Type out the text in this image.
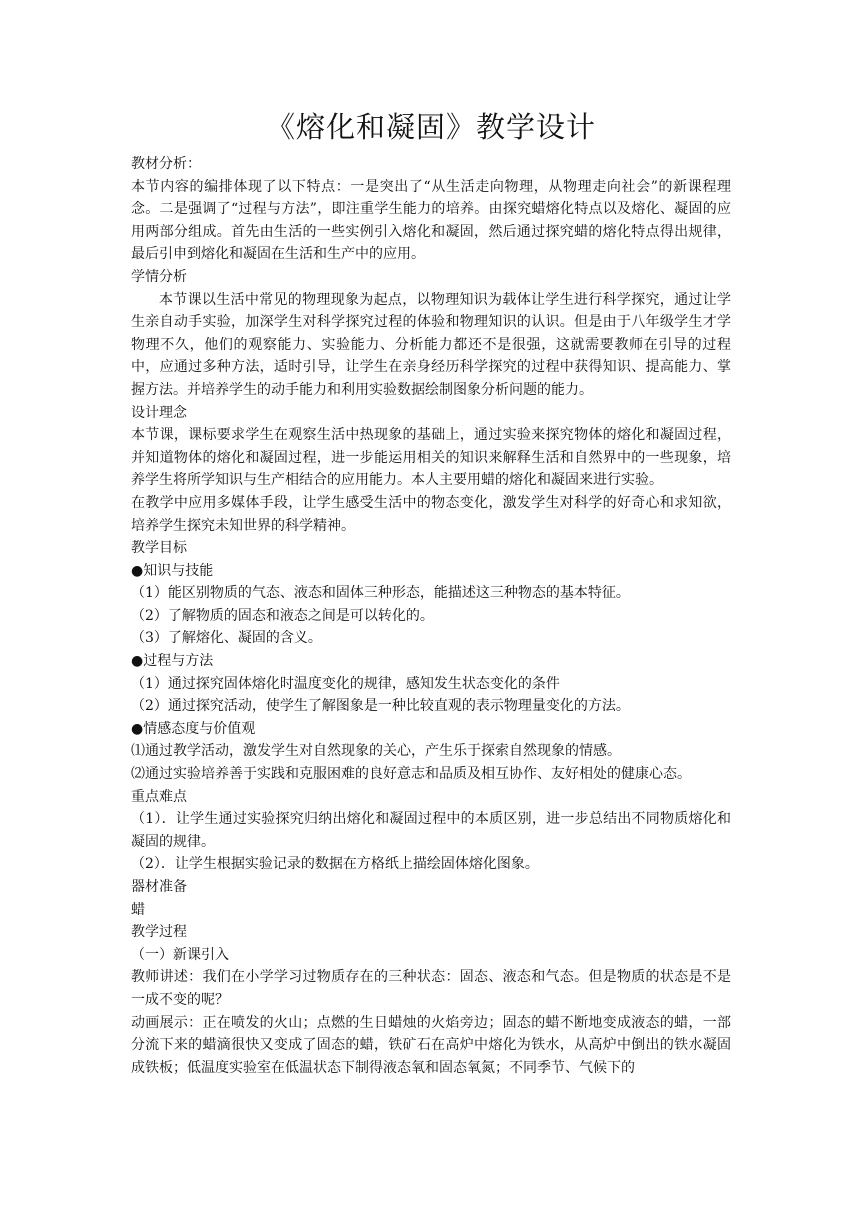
《熔化和凝固》教学设计

教材分析：

本节内容的编排体现了以下特点：一是突出了“从生活走向物理，从物理走向社会”的新课程理念。二是强调了“过程与方法”，即注重学生能力的培养。由探究蜡熔化特点以及熔化、凝固的应用两部分组成。首先由生活的一些实例引入熔化和凝固，然后通过探究蜡的熔化特点得出规律，最后引申到熔化和凝固在生活和生产中的应用。

学情分析

本节课以生活中常见的物理现象为起点，以物理知识为载体让学生进行科学探究，通过让学生亲自动手实验，加深学生对科学探究过程的体验和物理知识的认识。但是由于八年级学生才学物理不久，他们的观察能力、实验能力、分析能力都还不是很强，这就需要教师在引导的过程中，应通过多种方法，适时引导，让学生在亲身经历科学探究的过程中获得知识、提高能力、掌握方法。并培养学生的动手能力和利用实验数据绘制图象分析问题的能力。

设计理念

本节课，课标要求学生在观察生活中热现象的基础上，通过实验来探究物体的熔化和凝固过程，并知道物体的熔化和凝固过程，进一步能运用相关的知识来解释生活和自然界中的一些现象，培养学生将所学知识与生产相结合的应用能力。本人主要用蜡的熔化和凝固来进行实验。

在教学中应用多媒体手段，让学生感受生活中的物态变化，激发学生对科学的好奇心和求知欲，培养学生探究未知世界的科学精神。

教学目标

●知识与技能

（1）能区别物质的气态、液态和固体三种形态，能描述这三种物态的基本特征。

（2）了解物质的固态和液态之间是可以转化的。

（3）了解熔化、凝固的含义。

●过程与方法

（1）通过探究固体熔化时温度变化的规律，感知发生状态变化的条件

（2）通过探究活动，使学生了解图象是一种比较直观的表示物理量变化的方法。

●情感态度与价值观

⑴通过教学活动，激发学生对自然现象的关心，产生乐于探索自然现象的情感。

⑵通过实验培养善于实践和克服困难的良好意志和品质及相互协作、友好相处的健康心态。

重点难点

（1）．让学生通过实验探究归纳出熔化和凝固过程中的本质区别，进一步总结出不同物质熔化和凝固的规律。

（2）．让学生根据实验记录的数据在方格纸上描绘固体熔化图象。

器材准备

蜡

教学过程

（一）新课引入

教师讲述：我们在小学学习过物质存在的三种状态：固态、液态和气态。但是物质的状态是不是一成不变的呢？

动画展示：正在喷发的火山；点燃的生日蜡烛的火焰旁边；固态的蜡不断地变成液态的蜡，一部分流下来的蜡滴很快又变成了固态的蜡，铁矿石在高炉中熔化为铁水，从高炉中倒出的铁水凝固成铁板；低温度实验室在低温状态下制得液态氧和固态氧氮；不同季节、气候下的
